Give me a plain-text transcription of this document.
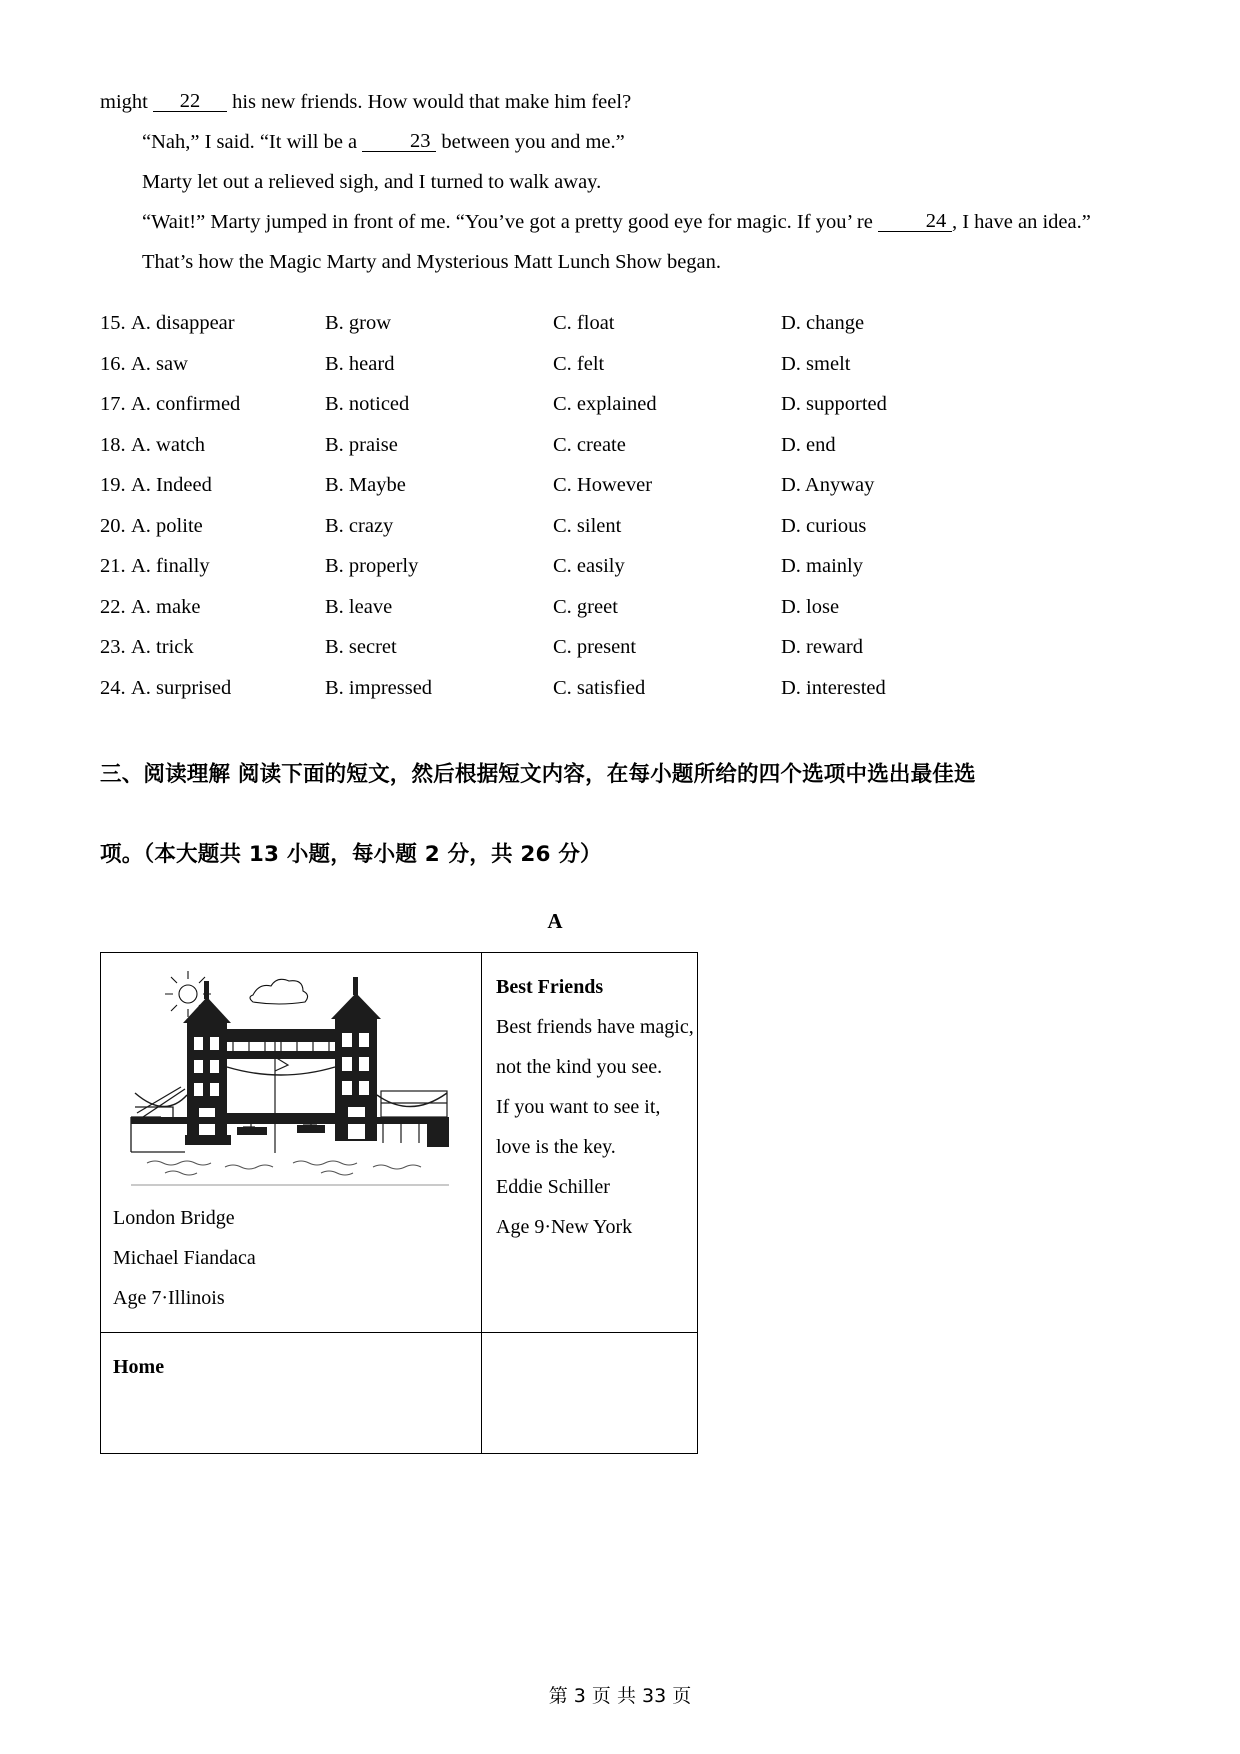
might 22 his new friends. How would that make him feel?
“Nah,” I said. “It will be a 23 between you and me.”
Marty let out a relieved sigh, and I turned to walk away.
“Wait!” Marty jumped in front of me. “You’ve got a pretty good eye for magic. If you’ re 24 , I have an idea.”
That’s how the Magic Marty and Mysterious Matt Lunch Show began.
15. A. disappear	B. grow	C. float	D. change
16. A. saw	B. heard	C. felt	D. smelt
17. A. confirmed	B. noticed	C. explained	D. supported
18. A. watch	B. praise	C. create	D. end
19. A. Indeed	B. Maybe	C. However	D. Anyway
20. A. polite	B. crazy	C. silent	D. curious
21. A. finally	B. properly	C. easily	D. mainly
22. A. make	B. leave	C. greet	D. lose
23. A. trick	B. secret	C. present	D. reward
24. A. surprised	B. impressed	C. satisfied	D. interested
三、阅读理解 阅读下面的短文，然后根据短文内容，在每小题所给的四个选项中选出最佳选
项。（本大题共 13 小题，每小题 2 分，共 26 分）
A
London Bridge
Michael Fiandaca
Age 7·Illinois

Best Friends
Best friends have magic,
not the kind you see.
If you want to see it,
love is the key.
Eddie Schiller
Age 9·New York

Home	

第 3 页 共 33 页
